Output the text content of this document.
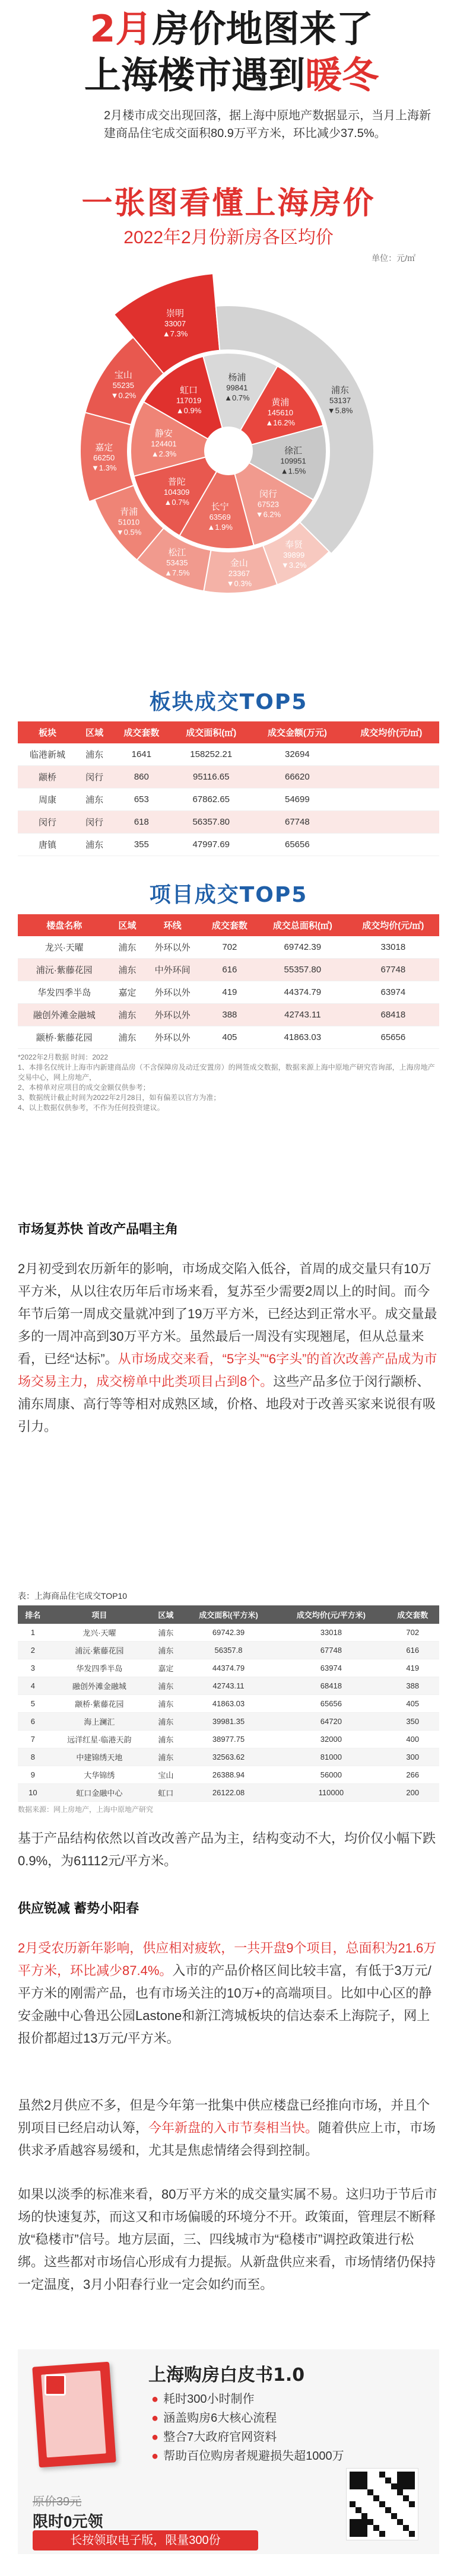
2月房价地图来了
上海楼市遇到暖冬
2月楼市成交出现回落，据上海中原地产数据显示，当月上海新建商品住宅成交面积80.9万平方米，环比减少37.5%。
一张图看懂上海房价
2022年2月份新房各区均价
单位：元/㎡
崇明
33007
▲7.3%
宝山
55235
▼0.2%
嘉定
66250
▼1.3%
青浦
51010
▼0.5%
松江
53435
▲7.5%
金山
23367
▼0.3%
奉贤
39899
▼3.2%
浦东
53137
▼5.8%
虹口
117019
▲0.9%
杨浦
99841
▲0.7% 黄浦
145610
▲16.2%
徐汇
109951
▲1.5%
闵行
67523
▼6.2%
长宁
63569
▲1.9%
普陀
104309
▲0.7%
静安
124401
▲2.3%
板块成交TOP5
板块	区域	成交套数	成交面积(㎡)	成交金额(万元)	成交均价(元/㎡)
临港新城	浦东	1641	158252.21	32694	
颛桥	闵行	860	95116.65	66620	
周康	浦东	653	67862.65	54699	
闵行	闵行	618	56357.80	67748	
唐镇	浦东	355	47997.69	65656	
项目成交TOP5
楼盘名称	区域	环线	成交套数	成交总面积(㎡)	成交均价(元/㎡)
龙兴·天曜	浦东	外环以外	702	69742.39	33018
浦沅·紫藤花园	浦东	中外环间	616	55357.80	67748
华发四季半岛	嘉定	外环以外	419	44374.79	63974
融创外滩金融城	浦东	外环以外	388	42743.11	68418
颛桥·紫藤花园	浦东	外环以外	405	41863.03	65656
*2022年2月数据 时间：2022
1、本排名仅统计上海市内新建商品房（不含保障房及动迁安置房）的网签成交数据，数据来源上海中原地产研究咨询部，上海房地产交易中心，网上房地产，
2、本榜单对应项目的成交金额仅供参考；
3、数据统计截止时间为2022年2月28日，如有偏差以官方为准；
4、以上数据仅供参考，不作为任何投资建议。
市场复苏快 首改产品唱主角
2月初受到农历新年的影响，市场成交陷入低谷，首周的成交量只有10万平方米，从以往农历年后市场来看，复苏至少需要2周以上的时间。而今年节后第一周成交量就冲到了19万平方米，已经达到正常水平。成交量最多的一周冲高到30万平方米。虽然最后一周没有实现翘尾，但从总量来看，已经“达标”。从市场成交来看，“5字头”“6字头”的首次改善产品成为市场交易主力，成交榜单中此类项目占到8个。这些产品多位于闵行颛桥、浦东周康、高行等等相对成熟区域，价格、地段对于改善买家来说很有吸引力。
表：上海商品住宅成交TOP10
排名	项目	区域	成交面积(平方米)	成交均价(元/平方米)	成交套数
1	龙兴·天曜	浦东	69742.39	33018	702
2	浦沅·紫藤花园	浦东	56357.8	67748	616
3	华发四季半岛	嘉定	44374.79	63974	419
4	融创外滩金融城	浦东	42743.11	68418	388
5	颛桥·紫藤花园	浦东	41863.03	65656	405
6	海上澜汇	浦东	39981.35	64720	350
7	远洋红星·临港天韵	浦东	38977.75	32000	400
8	中建锦绣天地	浦东	32563.62	81000	300
9	大华锦绣	宝山	26388.94	56000	266
10	虹口金融中心	虹口	26122.08	110000	200
数据来源：网上房地产，上海中原地产研究
基于产品结构依然以首改改善产品为主，结构变动不大，均价仅小幅下跌0.9%，为61112元/平方米。
供应锐减 蓄势小阳春
2月受农历新年影响，供应相对疲软，一共开盘9个项目，总面积为21.6万平方米，环比减少87.4%。入市的产品价格区间比较丰富，有低于3万元/平方米的刚需产品，也有市场关注的10万+的高端项目。比如中心区的静安金融中心鲁迅公园Lastone和新江湾城板块的信达泰禾上海院子，网上报价都超过13万元/平方米。
虽然2月供应不多，但是今年第一批集中供应楼盘已经推向市场，并且个别项目已经启动认筹，今年新盘的入市节奏相当快。随着供应上市，市场供求矛盾越容易缓和，尤其是焦虑情绪会得到控制。
如果以淡季的标准来看，80万平方米的成交量实属不易。这归功于节后市场的快速复苏，而这又和市场偏暖的环境分不开。政策面，管理层不断释放“稳楼市”信号。地方层面，三、四线城市为“稳楼市”调控政策进行松绑。这些都对市场信心形成有力提振。从新盘供应来看，市场情绪仍保持一定温度，3月小阳春行业一定会如约而至。
上海购房白皮书1.0
● 耗时300小时制作
● 涵盖购房6大核心流程
● 整合7大政府官网资料
● 帮助百位购房者规避损失超1000万
原价39元
限时0元领
长按领取电子版，限量300份
